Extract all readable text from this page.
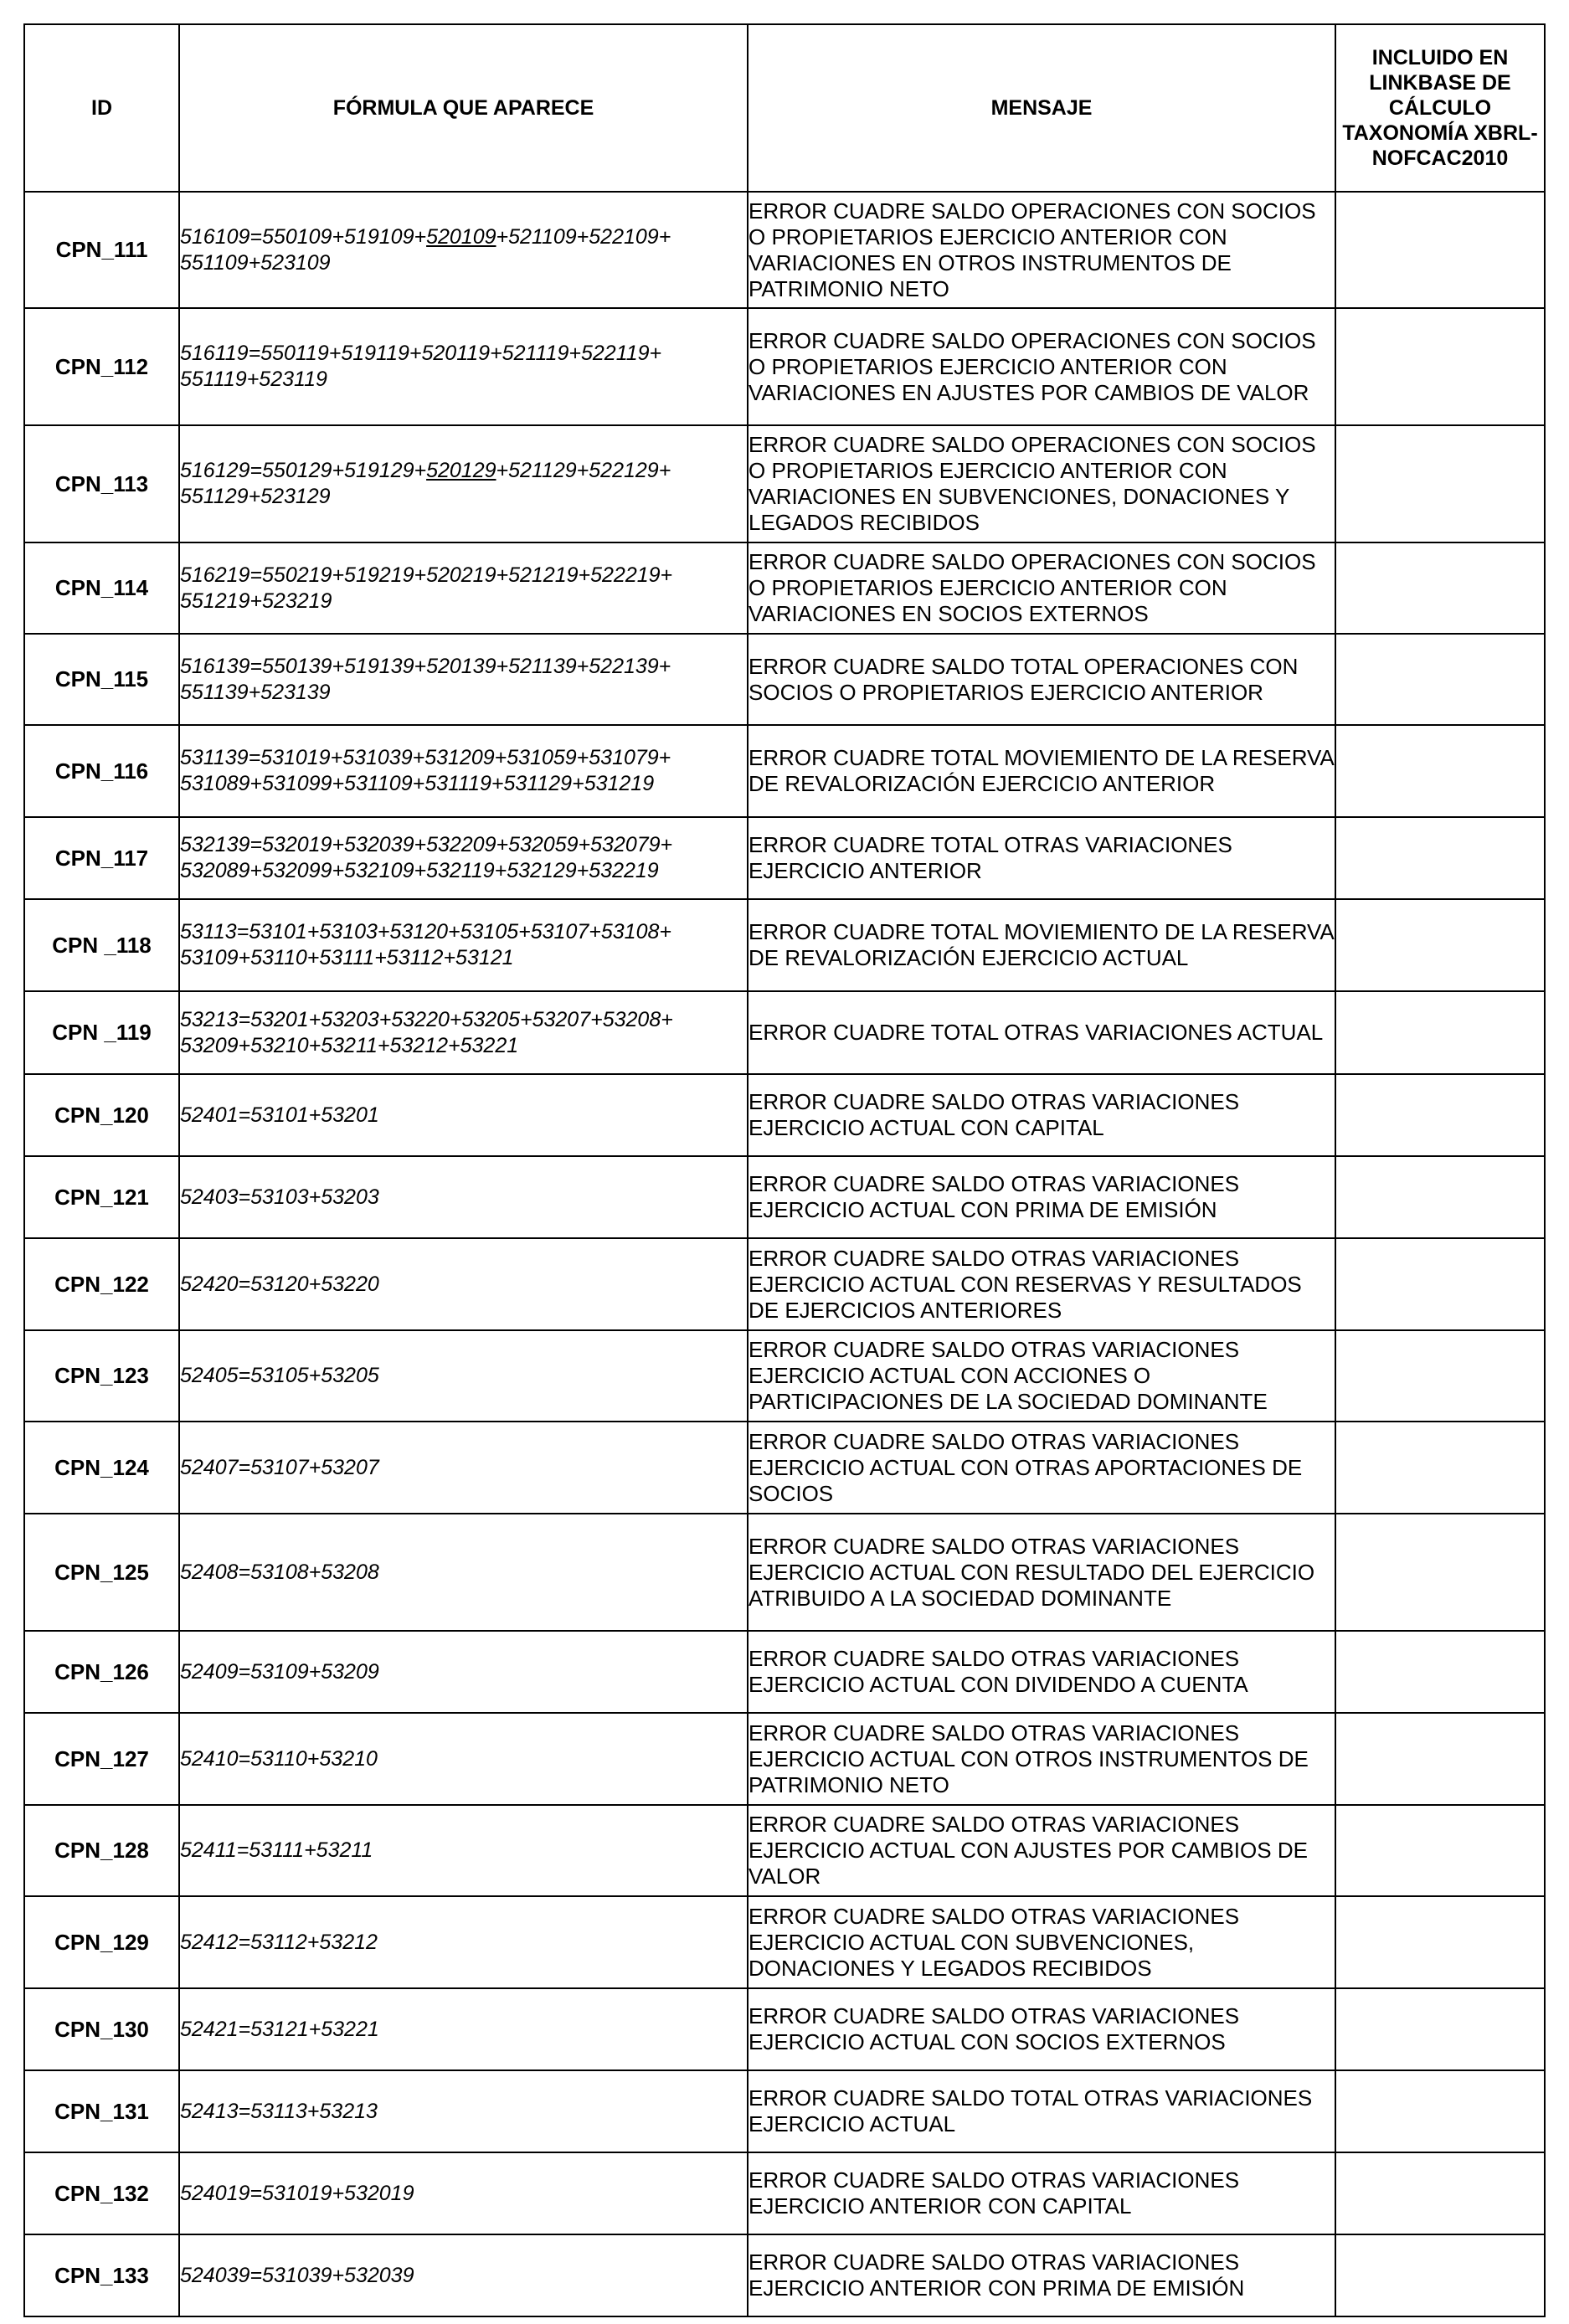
ID	FÓRMULA QUE APARECE	MENSAJE	INCLUIDO EN LINKBASE DE CÁLCULO TAXONOMÍA XBRL-NOFCAC2010
CPN_111	516109=550109+519109+520109+521109+522109+ 551109+523109	ERROR CUADRE SALDO OPERACIONES CON SOCIOS O PROPIETARIOS EJERCICIO ANTERIOR CON VARIACIONES EN OTROS INSTRUMENTOS DE PATRIMONIO NETO	
CPN_112	516119=550119+519119+520119+521119+522119+ 551119+523119	ERROR CUADRE SALDO OPERACIONES CON SOCIOS O PROPIETARIOS EJERCICIO ANTERIOR CON VARIACIONES EN AJUSTES POR CAMBIOS DE VALOR	
CPN_113	516129=550129+519129+520129+521129+522129+ 551129+523129	ERROR CUADRE SALDO OPERACIONES CON SOCIOS O PROPIETARIOS EJERCICIO ANTERIOR CON VARIACIONES EN SUBVENCIONES, DONACIONES Y LEGADOS RECIBIDOS	
CPN_114	516219=550219+519219+520219+521219+522219+ 551219+523219	ERROR CUADRE SALDO OPERACIONES CON SOCIOS O PROPIETARIOS EJERCICIO ANTERIOR CON VARIACIONES EN SOCIOS EXTERNOS	
CPN_115	516139=550139+519139+520139+521139+522139+ 551139+523139	ERROR CUADRE SALDO TOTAL OPERACIONES CON SOCIOS O PROPIETARIOS EJERCICIO ANTERIOR	
CPN_116	531139=531019+531039+531209+531059+531079+ 531089+531099+531109+531119+531129+531219	ERROR CUADRE TOTAL MOVIEMIENTO DE LA RESERVA DE REVALORIZACIÓN EJERCICIO ANTERIOR	
CPN_117	532139=532019+532039+532209+532059+532079+ 532089+532099+532109+532119+532129+532219	ERROR CUADRE TOTAL OTRAS VARIACIONES EJERCICIO ANTERIOR	
CPN _118	53113=53101+53103+53120+53105+53107+53108+ 53109+53110+53111+53112+53121	ERROR CUADRE TOTAL MOVIEMIENTO DE LA RESERVA DE REVALORIZACIÓN EJERCICIO ACTUAL	
CPN _119	53213=53201+53203+53220+53205+53207+53208+ 53209+53210+53211+53212+53221	ERROR CUADRE TOTAL OTRAS VARIACIONES ACTUAL	
CPN_120	52401=53101+53201	ERROR CUADRE SALDO OTRAS VARIACIONES EJERCICIO ACTUAL CON CAPITAL	
CPN_121	52403=53103+53203	ERROR CUADRE SALDO OTRAS VARIACIONES EJERCICIO ACTUAL CON PRIMA DE EMISIÓN	
CPN_122	52420=53120+53220	ERROR CUADRE SALDO OTRAS VARIACIONES EJERCICIO ACTUAL CON RESERVAS Y RESULTADOS DE EJERCICIOS ANTERIORES	
CPN_123	52405=53105+53205	ERROR CUADRE SALDO OTRAS VARIACIONES EJERCICIO ACTUAL CON ACCIONES O PARTICIPACIONES DE LA SOCIEDAD DOMINANTE	
CPN_124	52407=53107+53207	ERROR CUADRE SALDO OTRAS VARIACIONES EJERCICIO ACTUAL CON OTRAS APORTACIONES DE SOCIOS	
CPN_125	52408=53108+53208	ERROR CUADRE SALDO OTRAS VARIACIONES EJERCICIO ACTUAL CON RESULTADO DEL EJERCICIO ATRIBUIDO A LA SOCIEDAD DOMINANTE	
CPN_126	52409=53109+53209	ERROR CUADRE SALDO OTRAS VARIACIONES EJERCICIO ACTUAL CON DIVIDENDO A CUENTA	
CPN_127	52410=53110+53210	ERROR CUADRE SALDO OTRAS VARIACIONES EJERCICIO ACTUAL CON OTROS INSTRUMENTOS DE PATRIMONIO NETO	
CPN_128	52411=53111+53211	ERROR CUADRE SALDO OTRAS VARIACIONES EJERCICIO ACTUAL CON AJUSTES POR CAMBIOS DE VALOR	
CPN_129	52412=53112+53212	ERROR CUADRE SALDO OTRAS VARIACIONES EJERCICIO ACTUAL CON SUBVENCIONES, DONACIONES Y LEGADOS RECIBIDOS	
CPN_130	52421=53121+53221	ERROR CUADRE SALDO OTRAS VARIACIONES EJERCICIO ACTUAL CON SOCIOS EXTERNOS	
CPN_131	52413=53113+53213	ERROR CUADRE SALDO TOTAL OTRAS VARIACIONES EJERCICIO ACTUAL	
CPN_132	524019=531019+532019	ERROR CUADRE SALDO OTRAS VARIACIONES EJERCICIO ANTERIOR CON CAPITAL	
CPN_133	524039=531039+532039	ERROR CUADRE SALDO OTRAS VARIACIONES EJERCICIO ANTERIOR CON PRIMA DE EMISIÓN	
